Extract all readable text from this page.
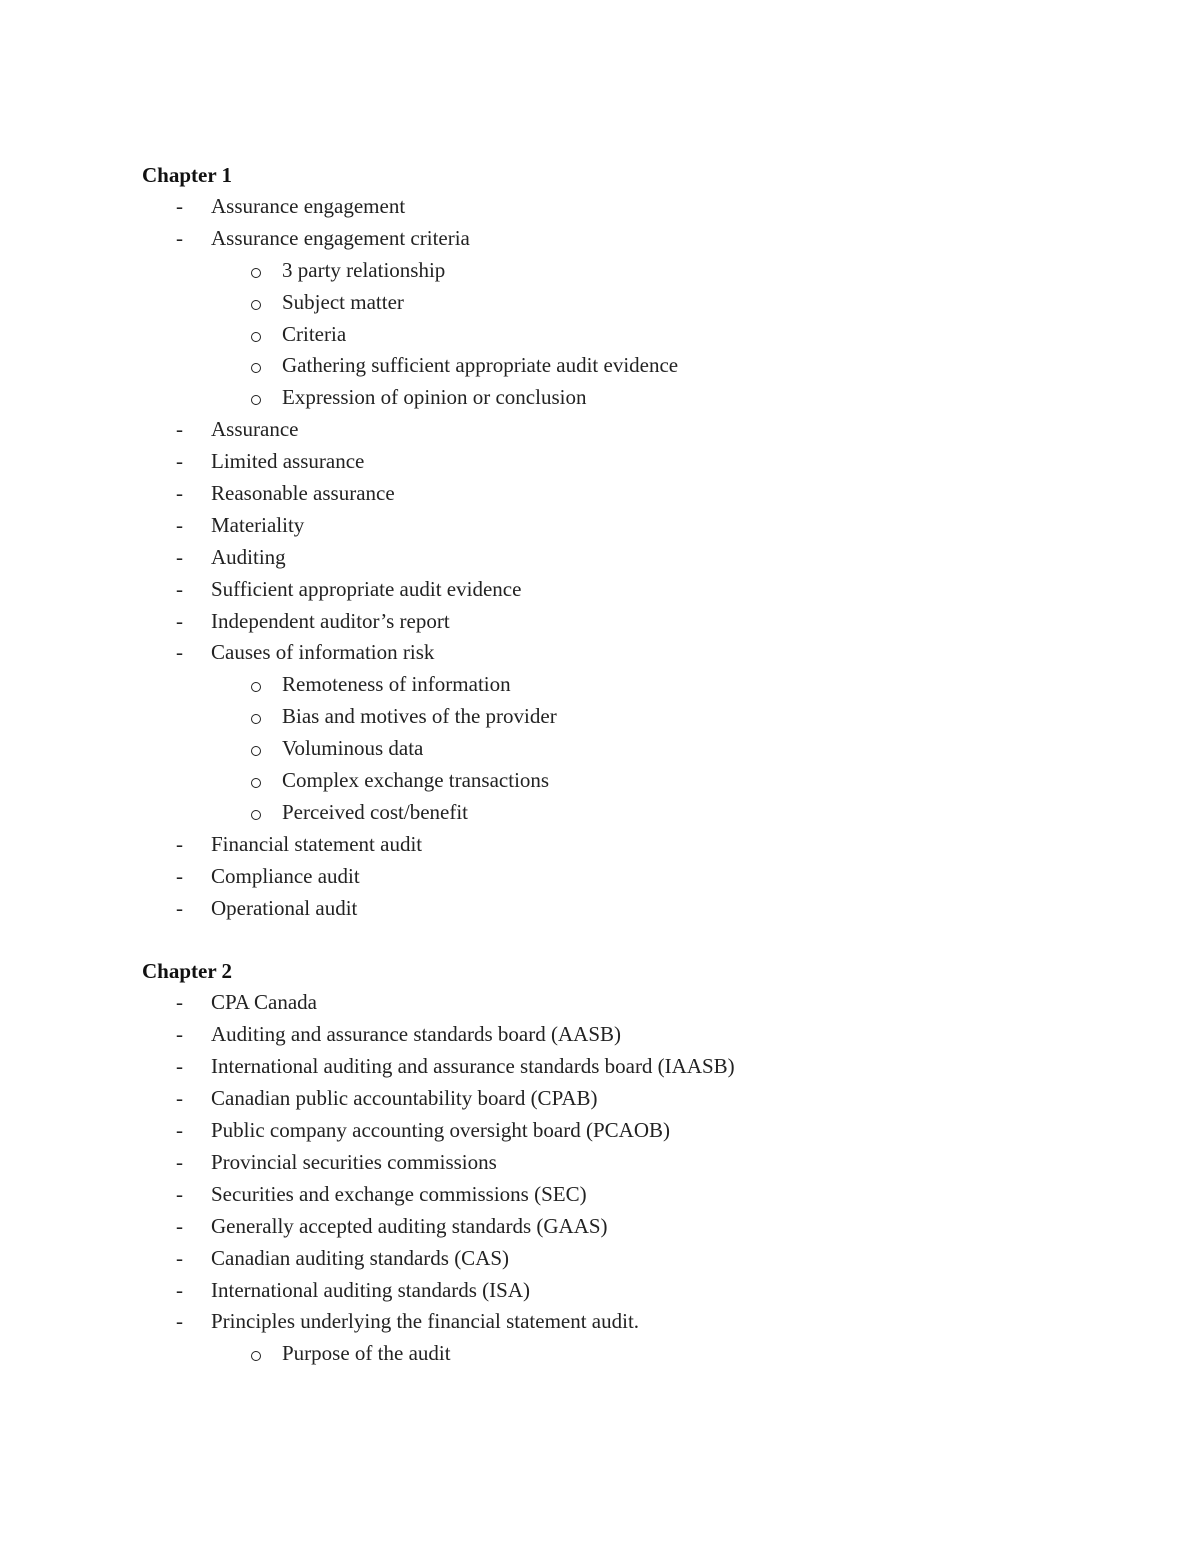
Chapter 1
- Assurance engagement
- Assurance engagement criteria
3 party relationship
Subject matter
Criteria
Gathering sufficient appropriate audit evidence
Expression of opinion or conclusion
- Assurance
- Limited assurance
- Reasonable assurance
- Materiality
- Auditing
- Sufficient appropriate audit evidence
- Independent auditor’s report
- Causes of information risk
Remoteness of information
Bias and motives of the provider
Voluminous data
Complex exchange transactions
Perceived cost/benefit
- Financial statement audit
- Compliance audit
- Operational audit
Chapter 2
- CPA Canada
- Auditing and assurance standards board (AASB)
- International auditing and assurance standards board (IAASB)
- Canadian public accountability board (CPAB)
- Public company accounting oversight board (PCAOB)
- Provincial securities commissions
- Securities and exchange commissions (SEC)
- Generally accepted auditing standards (GAAS)
- Canadian auditing standards (CAS)
- International auditing standards (ISA)
- Principles underlying the financial statement audit.
Purpose of the audit
